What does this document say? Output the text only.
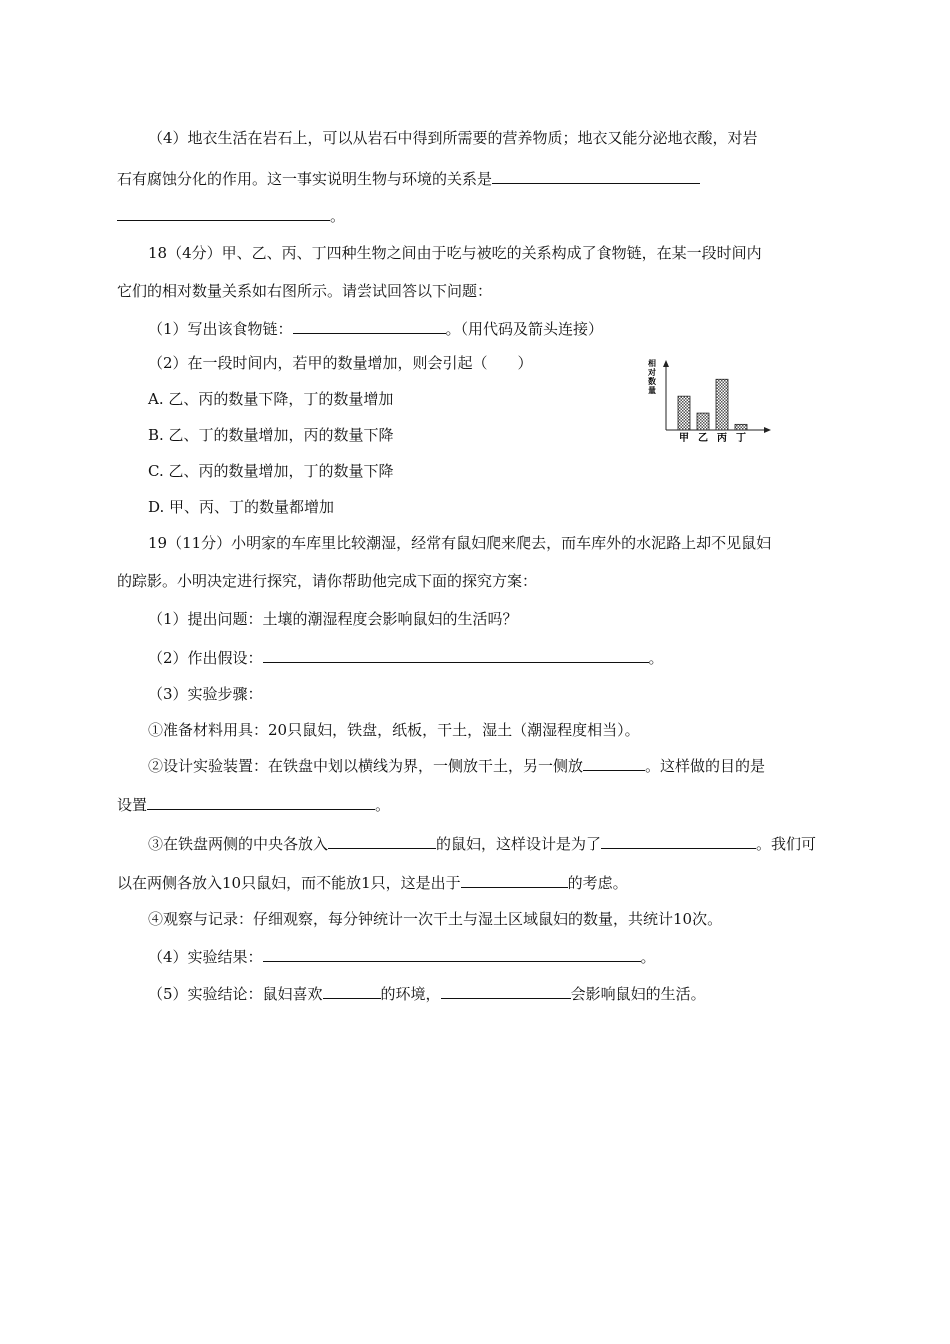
（4）地衣生活在岩石上，可以从岩石中得到所需要的营养物质；地衣又能分泌地衣酸，对岩
石有腐蚀分化的作用。这一事实说明生物与环境的关系是
。
18（4分）甲、乙、丙、丁四种生物之间由于吃与被吃的关系构成了食物链，在某一段时间内
它们的相对数量关系如右图所示。请尝试回答以下问题：
（1）写出该食物链：	。（用代码及箭头连接）
（2）在一段时间内，若甲的数量增加，则会引起（　　）
A. 乙、丙的数量下降，丁的数量增加
B. 乙、丁的数量增加，丙的数量下降
C. 乙、丙的数量增加，丁的数量下降
D. 甲、丙、丁的数量都增加
相
对
数
量
甲 乙 丙 丁
19（11分）小明家的车库里比较潮湿，经常有鼠妇爬来爬去，而车库外的水泥路上却不见鼠妇
的踪影。小明决定进行探究，请你帮助他完成下面的探究方案：
（1）提出问题：土壤的潮湿程度会影响鼠妇的生活吗？
（2）作出假设：	。
（3）实验步骤：
①准备材料用具：20只鼠妇，铁盘，纸板，干土，湿土（潮湿程度相当）。
②设计实验装置：在铁盘中划以横线为界，一侧放干土，另一侧放	。这样做的目的是
设置	。
③在铁盘两侧的中央各放入	的鼠妇，这样设计是为了	。我们可
以在两侧各放入10只鼠妇，而不能放1只，这是出于	的考虑。
④观察与记录：仔细观察，每分钟统计一次干土与湿土区域鼠妇的数量，共统计10次。
（4）实验结果：	。
（5）实验结论：鼠妇喜欢	的环境，	会影响鼠妇的生活。
